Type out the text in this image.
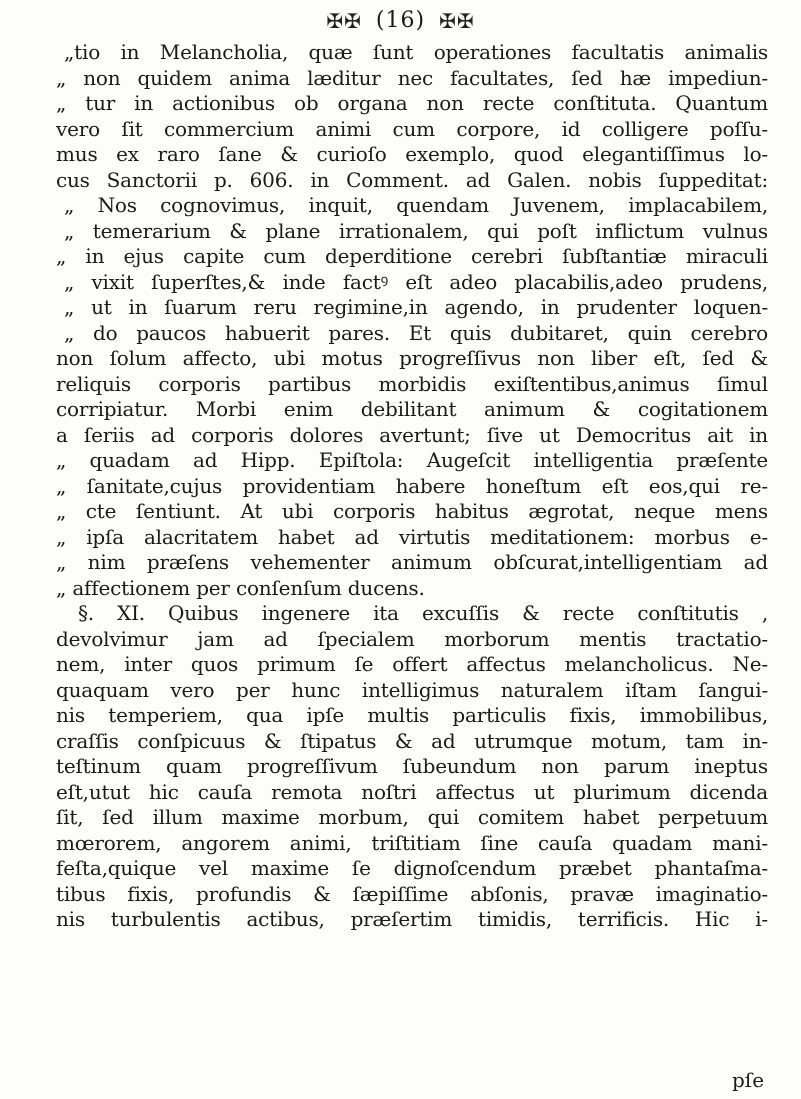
✠✠ (16) ✠✠
„tio in Melancholia, quæ ſunt operationes facultatis animalis
„ non quidem anima læditur nec facultates, ſed hæ impediun-
„ tur in actionibus ob organa non recte conſtituta. Quantum
vero ſit commercium animi cum corpore, id colligere poſſu-
mus ex raro ſane & curioſo exemplo, quod elegantiſſimus lo-
cus Sanctorii p. 606. in Comment. ad Galen. nobis ſuppeditat:
„ Nos cognovimus, inquit, quendam Juvenem, implacabilem,
„ temerarium & plane irrationalem, qui poſt inflictum vulnus
„ in ejus capite cum deperditione cerebri ſubſtantiæ miraculi
„ vixit ſuperſtes,& inde factꝰ eſt adeo placabilis,adeo prudens,
„ ut in ſuarum reru regimine,in agendo, in prudenter loquen-
„ do paucos habuerit pares. Et quis dubitaret, quin cerebro
non ſolum affecto, ubi motus progreſſivus non liber eſt, ſed &
reliquis corporis partibus morbidis exiſtentibus,animus ſimul
corripiatur. Morbi enim debilitant animum & cogitationem
a ſeriis ad corporis dolores avertunt; ſive ut Democritus ait in
„ quadam ad Hipp. Epiſtola: Augeſcit intelligentia præſente
„ ſanitate,cujus providentiam habere honeſtum eſt eos,qui re-
„ cte ſentiunt. At ubi corporis habitus ægrotat, neque mens
„ ipſa alacritatem habet ad virtutis meditationem: morbus e-
„ nim præſens vehementer animum obſcurat,intelligentiam ad
„ affectionem per conſenſum ducens.
§. XI. Quibus ingenere ita excuſſis & recte conſtitutis ,
devolvimur jam ad ſpecialem morborum mentis tractatio-
nem, inter quos primum ſe offert affectus melancholicus. Ne-
quaquam vero per hunc intelligimus naturalem iſtam ſangui-
nis temperiem, qua ipſe multis particulis fixis, immobilibus,
craſſis conſpicuus & ſtipatus & ad utrumque motum, tam in-
teſtinum quam progreſſivum ſubeundum non parum ineptus
eſt,utut hic cauſa remota noſtri affectus ut plurimum dicenda
ſit, ſed illum maxime morbum, qui comitem habet perpetuum
mœrorem, angorem animi, triſtitiam ſine cauſa quadam mani-
feſta,quique vel maxime ſe dignoſcendum præbet phantaſma-
tibus fixis, profundis & ſæpiſſime abſonis, pravæ imaginatio-
nis turbulentis actibus, præſertim timidis, terrificis. Hic i-
pſe
